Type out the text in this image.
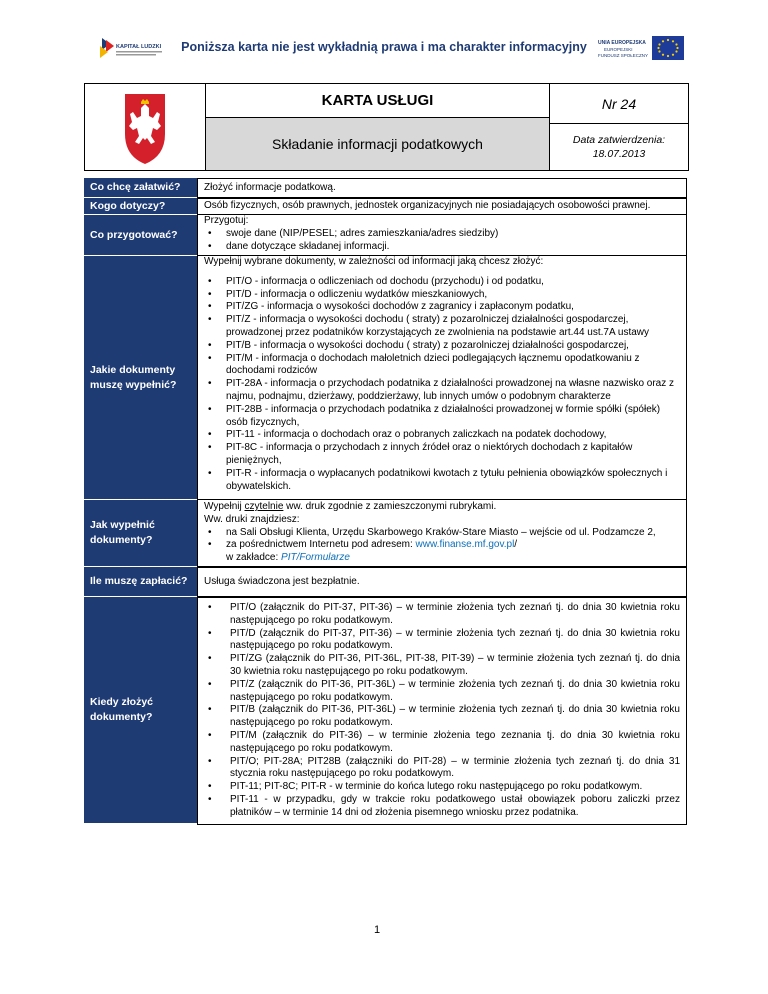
KAPITAŁ LUDZKI	Poniższa karta nie jest wykładnią prawa i ma charakter informacyjny	UNIA EUROPEJSKA
EUROPEJSKI
FUNDUSZ SPOŁECZNY
KARTA USŁUGI
Składanie informacji podatkowych
Nr 24
Data zatwierdzenia:
18.07.2013
Co chcę załatwić?	Złożyć informacje podatkową.
Kogo dotyczy?	Osób fizycznych, osób prawnych, jednostek organizacyjnych nie posiadających osobowości prawnej.
Co przygotować?
Przygotuj:
• swoje dane (NIP/PESEL; adres zamieszkania/adres siedziby)
• dane dotyczące składanej informacji.
Jakie dokumenty muszę wypełnić?
Wypełnij wybrane dokumenty, w zależności od informacji jaką chcesz złożyć:
• PIT/O - informacja o odliczeniach od dochodu (przychodu) i od podatku,
• PIT/D - informacja o odliczeniu wydatków mieszkaniowych,
• PIT/ZG - informacja o wysokości dochodów z zagranicy i zapłaconym podatku,
• PIT/Z - informacja o wysokości dochodu ( straty) z pozarolniczej działalności gospodarczej, prowadzonej przez podatników korzystających ze zwolnienia na podstawie art.44 ust.7A ustawy
• PIT/B - informacja o wysokości dochodu ( straty) z pozarolniczej działalności gospodarczej,
• PIT/M - informacja o dochodach małoletnich dzieci podlegających łącznemu opodatkowaniu z dochodami rodziców
• PIT-28A - informacja o przychodach podatnika z działalności prowadzonej na własne nazwisko oraz z najmu, podnajmu, dzierżawy, poddzierżawy, lub innych umów o podobnym charakterze
• PIT-28B - informacja o przychodach podatnika z działalności prowadzonej w formie spółki (spółek) osób fizycznych,
• PIT-11 - informacja o dochodach oraz o pobranych zaliczkach na podatek dochodowy,
• PIT-8C - informacja o przychodach z innych źródeł oraz o niektórych dochodach z kapitałów pieniężnych,
• PIT-R - informacja o wypłacanych podatnikowi kwotach z tytułu pełnienia obowiązków społecznych i obywatelskich.
Jak wypełnić dokumenty?
Wypełnij czytelnie ww. druk zgodnie z zamieszczonymi rubrykami.
Ww. druki znajdziesz:
• na Sali Obsługi Klienta, Urzędu Skarbowego Kraków-Stare Miasto – wejście od ul. Podzamcze 2,
• za pośrednictwem Internetu pod adresem: www.finanse.mf.gov.pl/
w zakładce: PIT/Formularze
Ile muszę zapłacić?	Usługa świadczona jest bezpłatnie.
Kiedy złożyć dokumenty?
• PIT/O (załącznik do PIT-37, PIT-36) – w terminie złożenia tych zeznań tj. do dnia 30 kwietnia roku następującego po roku podatkowym.
• PIT/D (załącznik do PIT-37, PIT-36) – w terminie złożenia tych zeznań tj. do dnia 30 kwietnia roku następującego po roku podatkowym.
• PIT/ZG (załącznik do PIT-36, PIT-36L, PIT-38, PIT-39) – w terminie złożenia tych zeznań tj. do dnia 30 kwietnia roku następującego po roku podatkowym.
• PIT/Z (załącznik do PIT-36, PIT-36L) – w terminie złożenia tych zeznań tj. do dnia 30 kwietnia roku następującego po roku podatkowym.
• PIT/B (załącznik do PIT-36, PIT-36L) – w terminie złożenia tych zeznań tj. do dnia 30 kwietnia roku następującego po roku podatkowym.
• PIT/M (załącznik do PIT-36) – w terminie złożenia tego zeznania tj. do dnia 30 kwietnia roku następującego po roku podatkowym.
• PIT/O; PIT-28A; PIT28B (załączniki do PIT-28) – w terminie złożenia tych zeznań tj. do dnia 31 stycznia roku następującego po roku podatkowym.
• PIT-11; PIT-8C; PIT-R - w terminie do końca lutego roku następującego po roku podatkowym.
• PIT-11 - w przypadku, gdy w trakcie roku podatkowego ustał obowiązek poboru zaliczki przez płatników – w terminie 14 dni od złożenia pisemnego wniosku przez podatnika.
1
